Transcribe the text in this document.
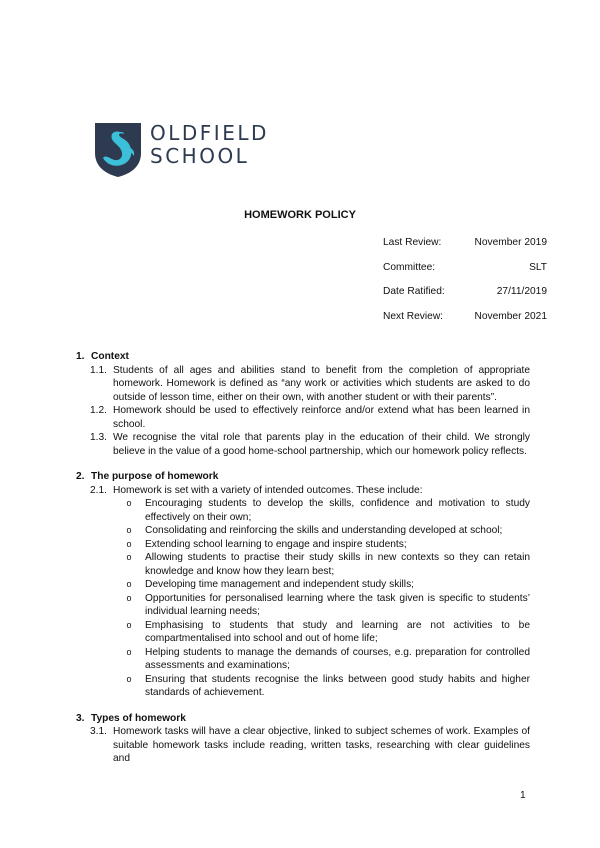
OLDFIELD
SCHOOL
HOMEWORK POLICY
Last Review:	November 2019
Committee:	SLT
Date Ratified:	27/11/2019
Next Review:	November 2021
1. Context
1.1. Students of all ages and abilities stand to benefit from the completion of appropriate homework. Homework is defined as “any work or activities which students are asked to do outside of lesson time, either on their own, with another student or with their parents”.
1.2. Homework should be used to effectively reinforce and/or extend what has been learned in school.
1.3. We recognise the vital role that parents play in the education of their child. We strongly believe in the value of a good home-school partnership, which our homework policy reflects.
2. The purpose of homework
2.1. Homework is set with a variety of intended outcomes. These include:
o	Encouraging students to develop the skills, confidence and motivation to study effectively on their own;
o	Consolidating and reinforcing the skills and understanding developed at school;
o	Extending school learning to engage and inspire students;
o	Allowing students to practise their study skills in new contexts so they can retain knowledge and know how they learn best;
o	Developing time management and independent study skills;
o	Opportunities for personalised learning where the task given is specific to students’ individual learning needs;
o	Emphasising to students that study and learning are not activities to be compartmentalised into school and out of home life;
o	Helping students to manage the demands of courses, e.g. preparation for controlled assessments and examinations;
o	Ensuring that students recognise the links between good study habits and higher standards of achievement.
3. Types of homework
3.1. Homework tasks will have a clear objective, linked to subject schemes of work. Examples of suitable homework tasks include reading, written tasks, researching with clear guidelines and
1
